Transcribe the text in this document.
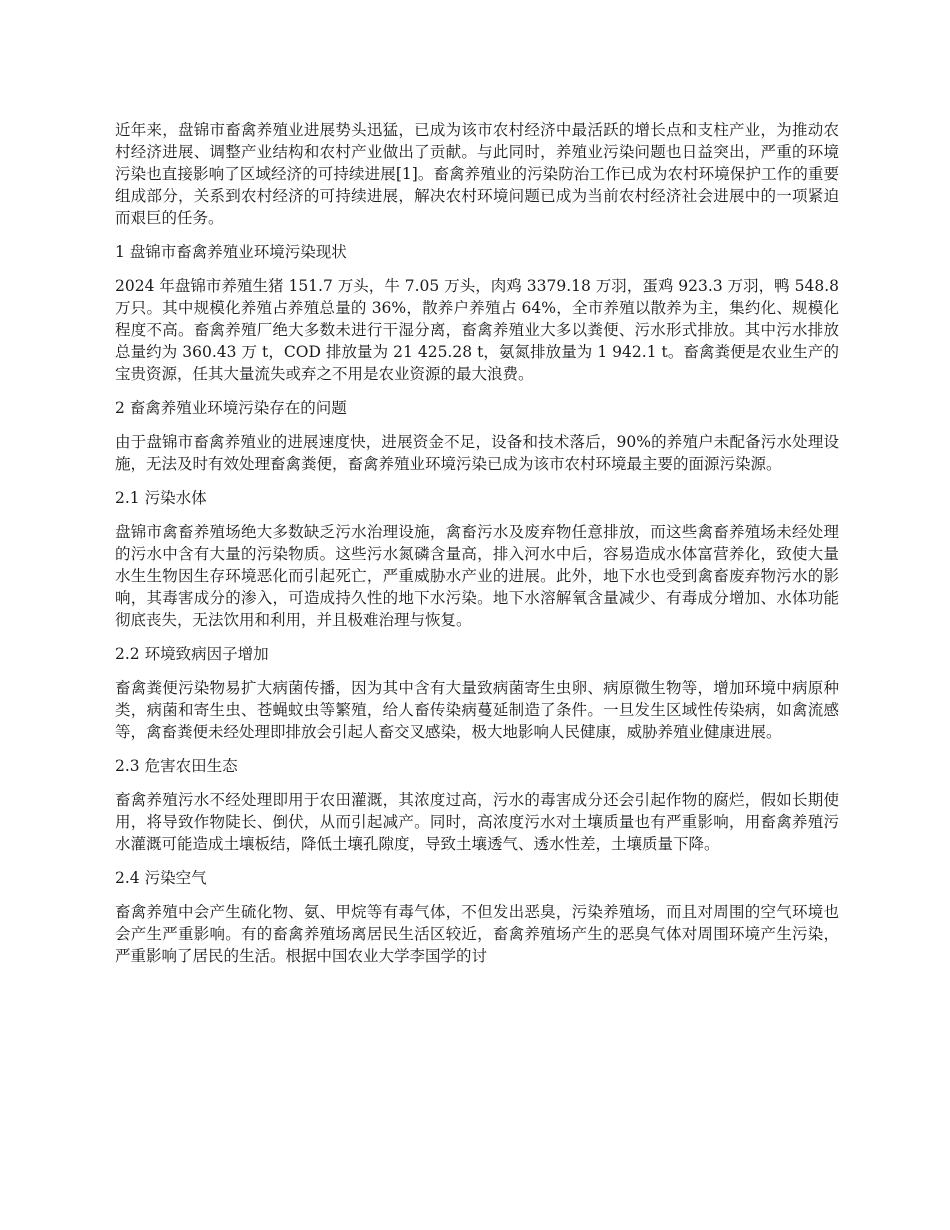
近年来，盘锦市畜禽养殖业进展势头迅猛，已成为该市农村经济中最活跃的增长点和支柱产业，为推动农村经济进展、调整产业结构和农村产业做出了贡献。与此同时，养殖业污染问题也日益突出，严重的环境污染也直接影响了区域经济的可持续进展[1]。畜禽养殖业的污染防治工作已成为农村环境保护工作的重要组成部分，关系到农村经济的可持续进展，解决农村环境问题已成为当前农村经济社会进展中的一项紧迫而艰巨的任务。

1 盘锦市畜禽养殖业环境污染现状

2024 年盘锦市养殖生猪 151.7 万头，牛 7.05 万头，肉鸡 3379.18 万羽，蛋鸡 923.3 万羽，鸭 548.8 万只。其中规模化养殖占养殖总量的 36%，散养户养殖占 64%，全市养殖以散养为主，集约化、规模化程度不高。畜禽养殖厂绝大多数未进行干湿分离，畜禽养殖业大多以粪便、污水形式排放。其中污水排放总量约为 360.43 万 t，COD 排放量为 21 425.28 t，氨氮排放量为 1 942.1 t。畜禽粪便是农业生产的宝贵资源，任其大量流失或弃之不用是农业资源的最大浪费。

2 畜禽养殖业环境污染存在的问题

由于盘锦市畜禽养殖业的进展速度快，进展资金不足，设备和技术落后，90%的养殖户未配备污水处理设施，无法及时有效处理畜禽粪便，畜禽养殖业环境污染已成为该市农村环境最主要的面源污染源。

2.1 污染水体

盘锦市禽畜养殖场绝大多数缺乏污水治理设施，禽畜污水及废弃物任意排放，而这些禽畜养殖场未经处理的污水中含有大量的污染物质。这些污水氮磷含量高，排入河水中后，容易造成水体富营养化，致使大量水生生物因生存环境恶化而引起死亡，严重威胁水产业的进展。此外，地下水也受到禽畜废弃物污水的影响，其毒害成分的渗入，可造成持久性的地下水污染。地下水溶解氧含量减少、有毒成分增加、水体功能彻底丧失，无法饮用和利用，并且极难治理与恢复。

2.2 环境致病因子增加

畜禽粪便污染物易扩大病菌传播，因为其中含有大量致病菌寄生虫卵、病原微生物等，增加环境中病原种类，病菌和寄生虫、苍蝇蚊虫等繁殖，给人畜传染病蔓延制造了条件。一旦发生区域性传染病，如禽流感等，禽畜粪便未经处理即排放会引起人畜交叉感染，极大地影响人民健康，威胁养殖业健康进展。

2.3 危害农田生态

畜禽养殖污水不经处理即用于农田灌溉，其浓度过高，污水的毒害成分还会引起作物的腐烂，假如长期使用，将导致作物陡长、倒伏，从而引起减产。同时，高浓度污水对土壤质量也有严重影响，用畜禽养殖污水灌溉可能造成土壤板结，降低土壤孔隙度，导致土壤透气、透水性差，土壤质量下降。

2.4 污染空气

畜禽养殖中会产生硫化物、氨、甲烷等有毒气体，不但发出恶臭，污染养殖场，而且对周围的空气环境也会产生严重影响。有的畜禽养殖场离居民生活区较近，畜禽养殖场产生的恶臭气体对周围环境产生污染，严重影响了居民的生活。根据中国农业大学李国学的讨
